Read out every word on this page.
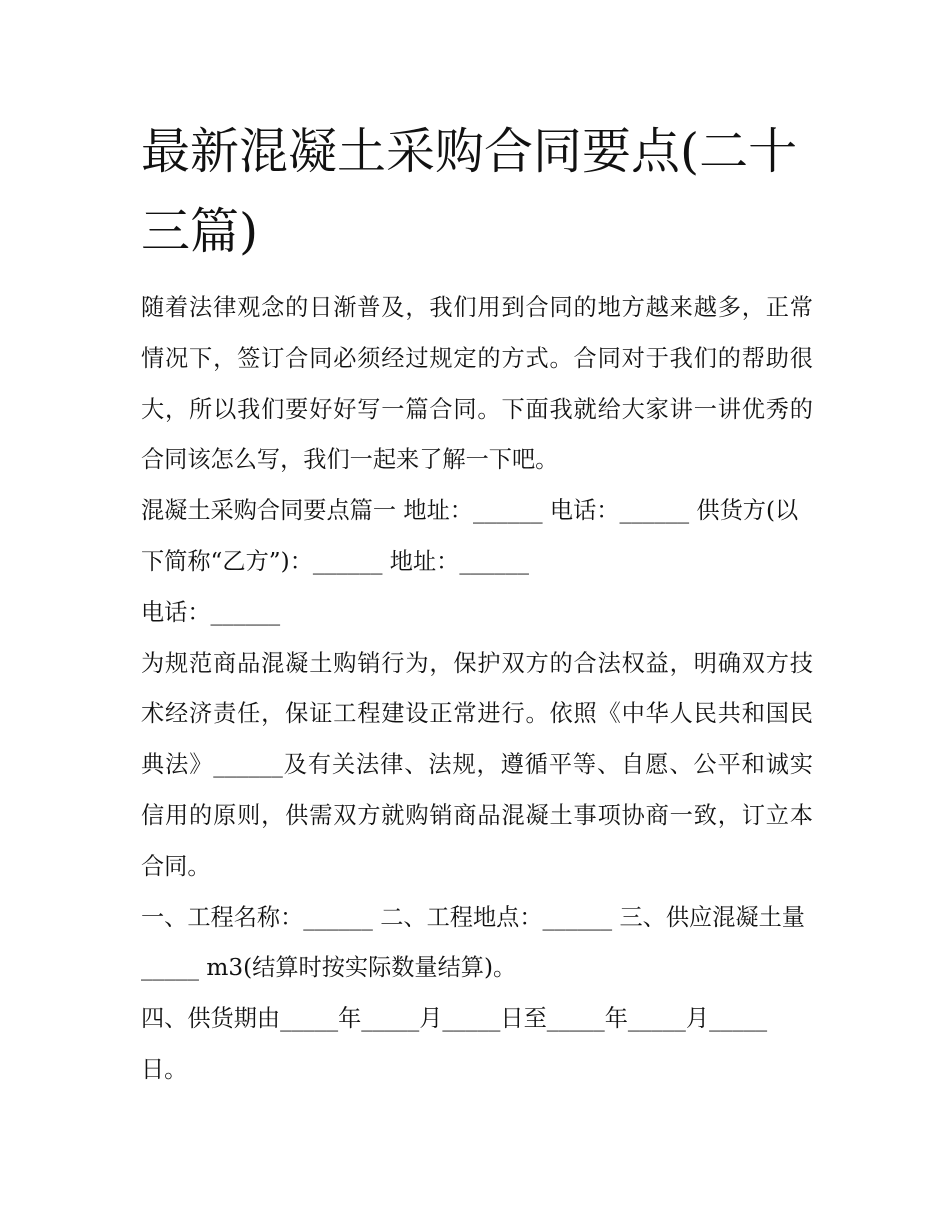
最新混凝土采购合同要点(二十三篇)

随着法律观念的日渐普及，我们用到合同的地方越来越多，正常情况下，签订合同必须经过规定的方式。合同对于我们的帮助很大，所以我们要好好写一篇合同。下面我就给大家讲一讲优秀的合同该怎么写，我们一起来了解一下吧。

混凝土采购合同要点篇一 地址：______ 电话：______ 供货方(以下简称“乙方”)：______ 地址：______

电话：______

为规范商品混凝土购销行为，保护双方的合法权益，明确双方技术经济责任，保证工程建设正常进行。依照《中华人民共和国民典法》______及有关法律、法规，遵循平等、自愿、公平和诚实信用的原则，供需双方就购销商品混凝土事项协商一致，订立本合同。

一、工程名称：______ 二、工程地点：______ 三、供应混凝土量_____ m3(结算时按实际数量结算)。

四、供货期由_____年_____月_____日至_____年_____月_____日。
